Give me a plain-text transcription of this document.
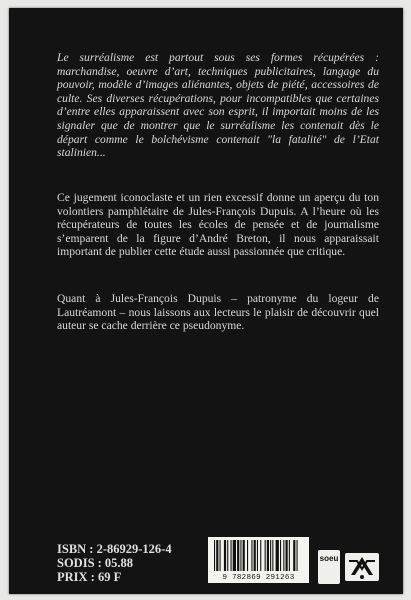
Le surréalisme est partout sous ses formes récupérées : marchandise, oeuvre d’art, techniques publicitaires, langage du pouvoir, modèle d’images aliénantes, objets de piété, accessoires de culte. Ses diverses récupérations, pour incompatibles que certaines d’entre elles apparaissent avec son esprit, il importait moins de les signaler que de montrer que le surréalisme les contenait dès le départ comme le bolchévisme contenait "la fatalité" de l’Etat stalinien...
Ce jugement iconoclaste et un rien excessif donne un aperçu du ton volontiers pamphlétaire de Jules-François Dupuis. A l’heure où les récupérateurs de toutes les écoles de pensée et de journalisme s’emparent de la figure d’André Breton, il nous apparaissait important de publier cette étude aussi passionnée que critique.
Quant à Jules-François Dupuis – patronyme du logeur de Lautréamont – nous laissons aux lecteurs le plaisir de découvrir quel auteur se cache derrière ce pseudonyme.
ISBN : 2-86929-126-4
SODIS : 05.88
PRIX : 69 F	9 782869 291263
soeu
